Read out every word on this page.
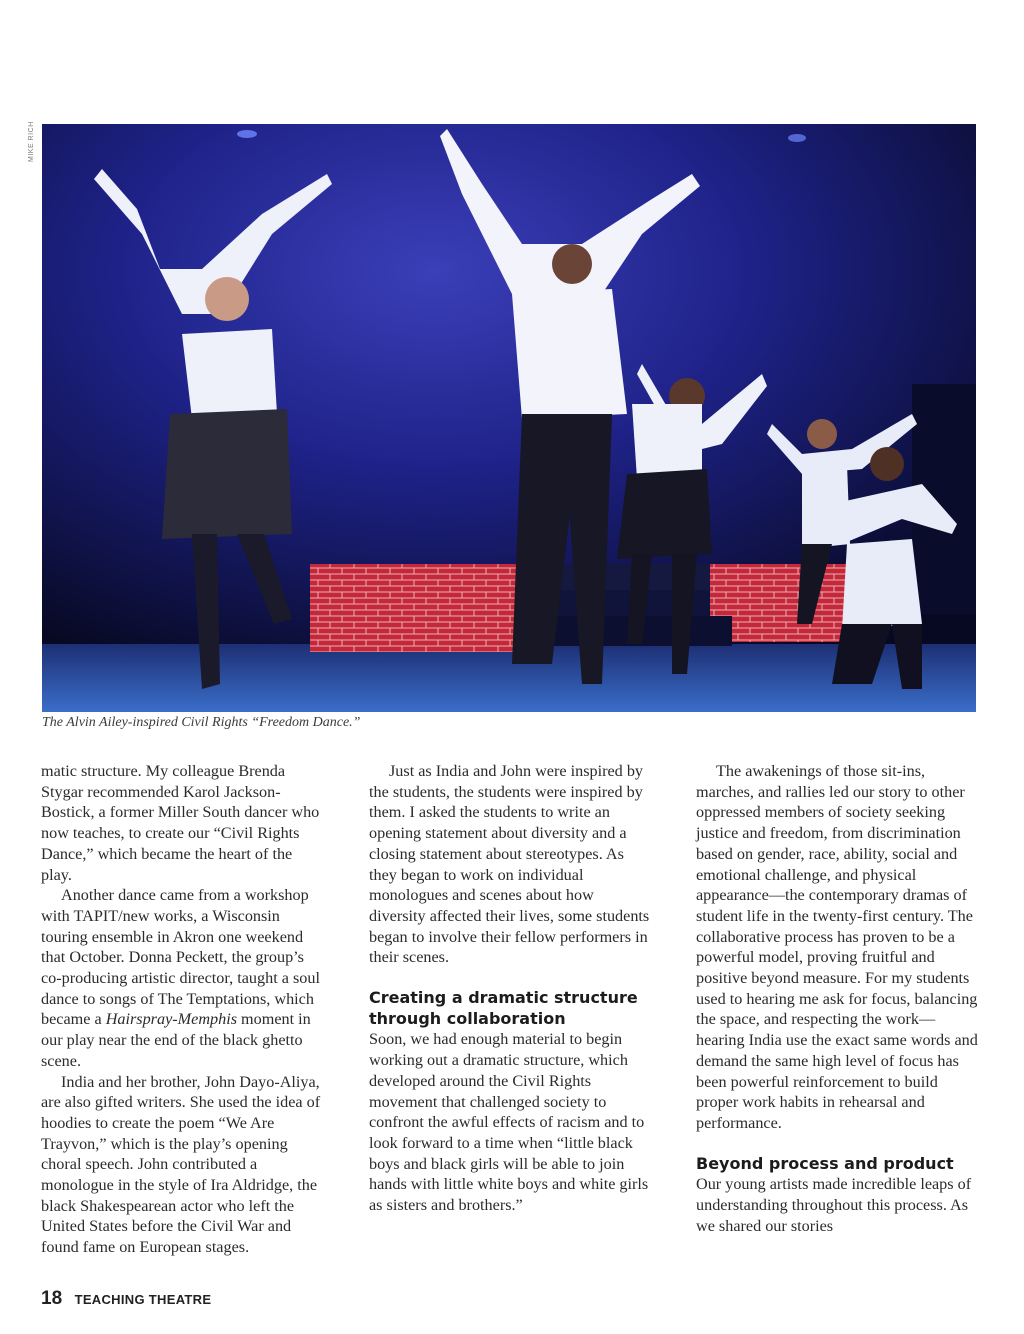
MIKE RICH
The Alvin Ailey-inspired Civil Rights “Freedom Dance.”

matic structure. My colleague Brenda Stygar recommended Karol Jackson-Bostick, a former Miller South dancer who now teaches, to create our “Civil Rights Dance,” which became the heart of the play.

Another dance came from a workshop with TAPIT/new works, a Wisconsin touring ensemble in Akron one weekend that October. Donna Peckett, the group’s co-producing artistic director, taught a soul dance to songs of The Temptations, which became a Hairspray-Memphis moment in our play near the end of the black ghetto scene.

India and her brother, John Dayo-Aliya, are also gifted writers. She used the idea of hoodies to create the poem “We Are Trayvon,” which is the play’s opening choral speech. John contributed a monologue in the style of Ira Aldridge, the black Shakespearean actor who left the United States before the Civil War and found fame on European stages.

Just as India and John were inspired by the students, the students were inspired by them. I asked the students to write an opening statement about diversity and a closing statement about stereotypes. As they began to work on individual monologues and scenes about how diversity affected their lives, some students began to involve their fellow performers in their scenes.

Creating a dramatic structure through collaboration

Soon, we had enough material to begin working out a dramatic structure, which developed around the Civil Rights movement that challenged society to confront the awful effects of racism and to look forward to a time when “little black boys and black girls will be able to join hands with little white boys and white girls as sisters and brothers.”

The awakenings of those sit-ins, marches, and rallies led our story to other oppressed members of society seeking justice and freedom, from discrimination based on gender, race, ability, social and emotional challenge, and physical appearance—the contemporary dramas of student life in the twenty-first century. The collaborative process has proven to be a powerful model, proving fruitful and positive beyond measure. For my students used to hearing me ask for focus, balancing the space, and respecting the work—hearing India use the exact same words and demand the same high level of focus has been powerful reinforcement to build proper work habits in rehearsal and performance.

Beyond process and product

Our young artists made incredible leaps of understanding throughout this process. As we shared our stories

18 TEACHING THEATRE
